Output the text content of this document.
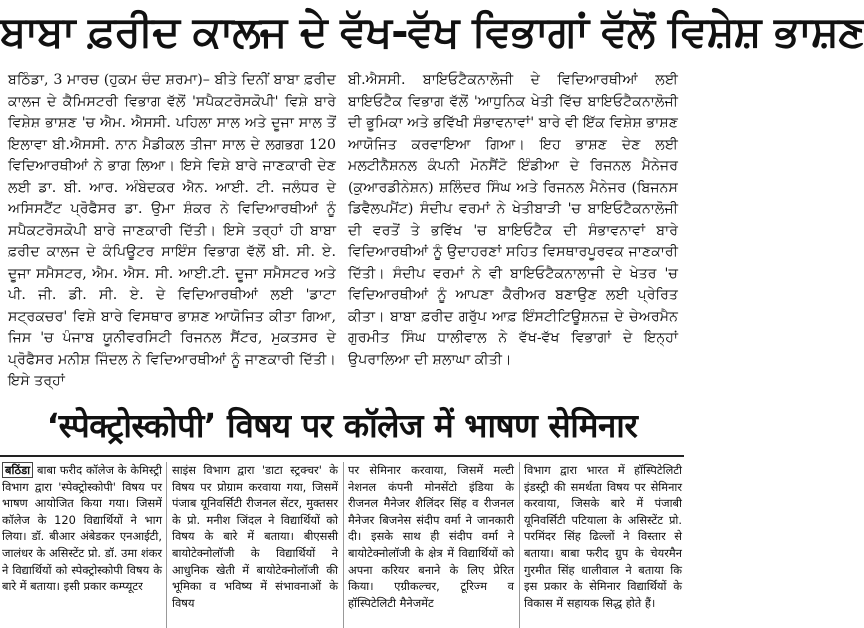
ਬਾਬਾ ਫ਼ਰੀਦ ਕਾਲਜ ਦੇ ਵੱਖ-ਵੱਖ ਵਿਭਾਗਾਂ ਵੱਲੋਂ ਵਿਸ਼ੇਸ਼ ਭਾਸ਼ਣ

ਬਠਿੰਡਾ, 3 ਮਾਰਚ (ਹੁਕਮ ਚੰਦ ਸ਼ਰਮਾ)– ਬੀਤੇ ਦਿਨੀਂ ਬਾਬਾ ਫ਼ਰੀਦ ਕਾਲਜ ਦੇ ਕੈਮਿਸਟਰੀ ਵਿਭਾਗ ਵੱਲੋਂ 'ਸਪੈਕਟਰੋਸਕੋਪੀ' ਵਿਸ਼ੇ ਬਾਰੇ ਵਿਸ਼ੇਸ਼ ਭਾਸ਼ਣ 'ਚ ਐਮ. ਐਸਸੀ. ਪਹਿਲਾ ਸਾਲ ਅਤੇ ਦੂਜਾ ਸਾਲ ਤੋਂ ਇਲਾਵਾ ਬੀ.ਐਸਸੀ. ਨਾਨ ਮੈਡੀਕਲ ਤੀਜਾ ਸਾਲ ਦੇ ਲਗਭਗ 120 ਵਿਦਿਆਰਥੀਆਂ ਨੇ ਭਾਗ ਲਿਆ। ਇਸੇ ਵਿਸ਼ੇ ਬਾਰੇ ਜਾਣਕਾਰੀ ਦੇਣ ਲਈ ਡਾ. ਬੀ. ਆਰ. ਅੰਬੇਦਕਰ ਐਨ. ਆਈ. ਟੀ. ਜਲੰਧਰ ਦੇ ਅਸਿਸਟੈਂਟ ਪ੍ਰੋਫੈਸਰ ਡਾ. ਉਮਾ ਸ਼ੰਕਰ ਨੇ ਵਿਦਿਆਰਥੀਆਂ ਨੂੰ ਸਪੈਕਟਰੋਸਕੋਪੀ ਬਾਰੇ ਜਾਣਕਾਰੀ ਦਿੱਤੀ। ਇਸੇ ਤਰ੍ਹਾਂ ਹੀ ਬਾਬਾ ਫ਼ਰੀਦ ਕਾਲਜ ਦੇ ਕੰਪਿਊਟਰ ਸਾਇੰਸ ਵਿਭਾਗ ਵੱਲੋਂ ਬੀ. ਸੀ. ਏ. ਦੂਜਾ ਸਮੈਸਟਰ, ਐਮ. ਐਸ. ਸੀ. ਆਈ.ਟੀ. ਦੂਜਾ ਸਮੈਸਟਰ ਅਤੇ ਪੀ. ਜੀ. ਡੀ. ਸੀ. ਏ. ਦੇ ਵਿਦਿਆਰਥੀਆਂ ਲਈ 'ਡਾਟਾ ਸਟ੍ਰਕਚਰ' ਵਿਸ਼ੇ ਬਾਰੇ ਵਿਸਥਾਰ ਭਾਸ਼ਣ ਆਯੋਜਿਤ ਕੀਤਾ ਗਿਆ, ਜਿਸ 'ਚ ਪੰਜਾਬ ਯੂਨੀਵਰਸਿਟੀ ਰਿਜਨਲ ਸੈਂਟਰ, ਮੁਕਤਸਰ ਦੇ ਪ੍ਰੋਫੈਸਰ ਮਨੀਸ਼ ਜਿੰਦਲ ਨੇ ਵਿਦਿਆਰਥੀਆਂ ਨੂੰ ਜਾਣਕਾਰੀ ਦਿੱਤੀ। ਇਸੇ ਤਰ੍ਹਾਂ

ਬੀ.ਐਸਸੀ. ਬਾਇਓਟੈਕਨਾਲੋਜੀ ਦੇ ਵਿਦਿਆਰਥੀਆਂ ਲਈ ਬਾਇਓਟੈਕ ਵਿਭਾਗ ਵੱਲੋਂ 'ਆਧੁਨਿਕ ਖੇਤੀ ਵਿੱਚ ਬਾਇਓਟੈਕਨਾਲੋਜੀ ਦੀ ਭੂਮਿਕਾ ਅਤੇ ਭਵਿੱਖੀ ਸੰਭਾਵਨਾਵਾਂ' ਬਾਰੇ ਵੀ ਇੱਕ ਵਿਸ਼ੇਸ਼ ਭਾਸ਼ਣ ਆਯੋਜਿਤ ਕਰਵਾਇਆ ਗਿਆ। ਇਹ ਭਾਸ਼ਣ ਦੇਣ ਲਈ ਮਲਟੀਨੈਸ਼ਨਲ ਕੰਪਨੀ ਮੋਨਸੈਂਟੋ ਇੰਡੀਆ ਦੇ ਰਿਜਨਲ ਮੈਨੇਜਰ (ਕੁਆਰਡੀਨੇਸ਼ਨ) ਸ਼ਲਿੰਦਰ ਸਿੰਘ ਅਤੇ ਰਿਜਨਲ ਮੈਨੇਜਰ (ਬਿਜਨਸ ਡਿਵੈਲਪਮੈਂਟ) ਸੰਦੀਪ ਵਰਮਾਂ ਨੇ ਖੇਤੀਬਾੜੀ 'ਚ ਬਾਇਓਟੈਕਨਾਲੋਜੀ ਦੀ ਵਰਤੋਂ ਤੇ ਭਵਿੱਖ 'ਚ ਬਾਇਓਟੈਕ ਦੀ ਸੰਭਾਵਨਾਵਾਂ ਬਾਰੇ ਵਿਦਿਆਰਥੀਆਂ ਨੂੰ ਉਦਾਹਰਣਾਂ ਸਹਿਤ ਵਿਸਥਾਰਪੂਰਵਕ ਜਾਣਕਾਰੀ ਦਿੱਤੀ। ਸੰਦੀਪ ਵਰਮਾਂ ਨੇ ਵੀ ਬਾਇਓਟੈਕਨਾਲਾਜੀ ਦੇ ਖੇਤਰ 'ਚ ਵਿਦਿਆਰਥੀਆਂ ਨੂੰ ਆਪਣਾ ਕੈਰੀਅਰ ਬਣਾਉਣ ਲਈ ਪ੍ਰੇਰਿਤ ਕੀਤਾ। ਬਾਬਾ ਫ਼ਰੀਦ ਗਰੁੱਪ ਆਫ਼ ਇੰਸਟੀਟਿਊਸ਼ਨਜ਼ ਦੇ ਚੇਅਰਮੈਨ ਗੁਰਮੀਤ ਸਿੰਘ ਧਾਲੀਵਾਲ ਨੇ ਵੱਖ-ਵੱਖ ਵਿਭਾਗਾਂ ਦੇ ਇਨ੍ਹਾਂ ਉਪਰਾਲਿਆ ਦੀ ਸ਼ਲਾਘਾ ਕੀਤੀ।

‘स्पेक्ट्रोस्कोपी’ विषय पर कॉलेज में भाषण सेमिनार

बठिंडा बाबा फरीद कॉलेज के केमिस्ट्री विभाग द्वारा 'स्पेक्ट्रोस्कोपी' विषय पर भाषण आयोजित किया गया। जिसमें कॉलेज के 120 विद्यार्थियों ने भाग लिया। डॉ. बीआर अंबेडकर एनआईटी, जालंधर के असिस्टेंट प्रो. डॉ. उमा शंकर ने विद्यार्थियों को स्पेक्ट्रोस्कोपी विषय के बारे में बताया। इसी प्रकार कम्प्यूटर

साइंस विभाग द्वारा 'डाटा स्ट्रक्चर' के विषय पर प्रोग्राम करवाया गया, जिसमें पंजाब यूनिवर्सिटी रीजनल सेंटर, मुक्तसर के प्रो. मनीश जिंदल ने विद्यार्थियों को विषय के बारे में बताया। बीएससी बायोटेक्नोलॉजी के विद्यार्थियों ने आधुनिक खेती में बायोटेक्नोलॉजी की भूमिका व भविष्य में संभावनाओं के विषय

पर सेमिनार करवाया, जिसमें मल्टी नेशनल कंपनी मोनसेंटो इंडिया के रीजनल मैनेजर शैलिंदर सिंह व रीजनल मैनेजर बिजनेस संदीप वर्मा ने जानकारी दी। इसके साथ ही संदीप वर्मा ने बायोटेक्नोलॉजी के क्षेत्र में विद्यार्थियों को अपना करियर बनाने के लिए प्रेरित किया। एग्रीकल्चर, टूरिज्म व हॉस्पिटेलिटी मैनेजमेंट

विभाग द्वारा भारत में हॉस्पिटेलिटी इंडस्ट्री की समर्थता विषय पर सेमिनार करवाया, जिसके बारे में पंजाबी यूनिवर्सिटी पटियाला के असिस्टेंट प्रो. परमिंदर सिंह ढिल्लों ने विस्तार से बताया। बाबा फरीद ग्रुप के चेयरमैन गुरमीत सिंह धालीवाल ने बताया कि इस प्रकार के सेमिनार विद्यार्थियों के विकास में सहायक सिद्ध होते हैं।
